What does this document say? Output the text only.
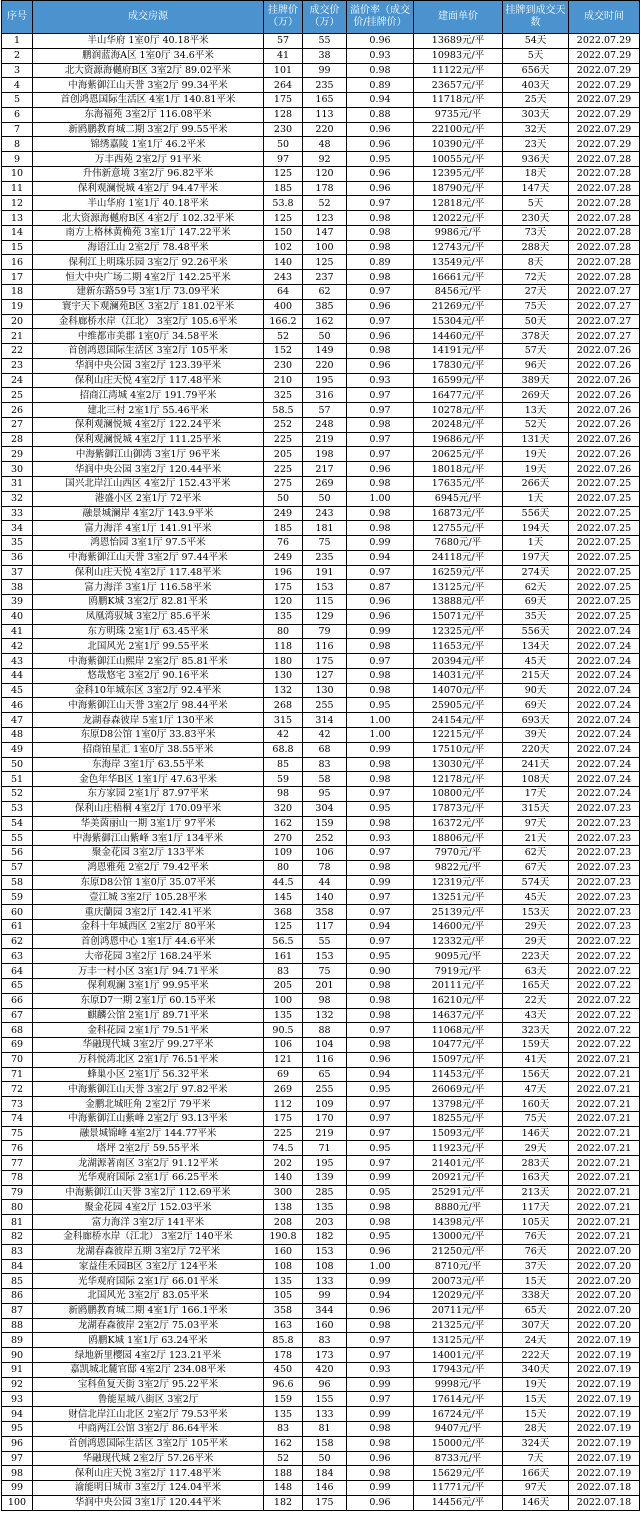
序号	成交房源	挂牌价（万）	成交价（万）	溢价率（成交价/挂牌价）	建面单价	挂牌到成交天数	成交时间
1	半山华府 1室0厅 40.18平米	57	55	0.96	13689元/平	54天	2022.07.29
2	鹏润蓝海A区 1室0厅 34.6平米	41	38	0.93	10983元/平	5天	2022.07.29
3	北大资源海樾府B区 3室2厅 89.02平米	101	99	0.98	11122元/平	656天	2022.07.29
4	中海紫御江山天誉 3室2厅 99.34平米	264	235	0.89	23657元/平	403天	2022.07.29
5	首创鸿恩国际生活区 4室1厅 140.81平米	175	165	0.94	11718元/平	25天	2022.07.29
6	东海福苑 3室2厅 116.08平米	128	113	0.88	9735元/平	303天	2022.07.29
7	新鸥鹏教育城二期 3室2厅 99.55平米	230	220	0.96	22100元/平	32天	2022.07.29
8	锦绣嘉陵 1室1厅 46.2平米	50	48	0.96	10390元/平	23天	2022.07.29
9	万丰西苑 2室2厅 91平米	97	92	0.95	10055元/平	936天	2022.07.28
10	升伟新意境 3室2厅 96.82平米	125	120	0.96	12395元/平	18天	2022.07.28
11	保利观澜悦城 4室2厅 94.47平米	185	178	0.96	18790元/平	147天	2022.07.28
12	半山华府 1室1厅 40.18平米	53.8	52	0.97	12818元/平	5天	2022.07.28
13	北大资源海樾府B区 4室2厅 102.32平米	125	123	0.98	12022元/平	230天	2022.07.28
14	南方上格林黄桷苑 3室1厅 147.22平米	150	147	0.98	9986元/平	73天	2022.07.28
15	海语江山 2室2厅 78.48平米	102	100	0.98	12743元/平	288天	2022.07.28
16	保利江上明珠乐园 3室2厅 92.26平米	140	125	0.89	13549元/平	8天	2022.07.28
17	恒大中央广场二期 4室2厅 142.25平米	243	237	0.98	16661元/平	72天	2022.07.28
18	建新东路59号 3室1厅 73.09平米	64	62	0.97	8456元/平	27天	2022.07.27
19	寰宇天下观澜苑B区 3室2厅 181.02平米	400	385	0.96	21269元/平	75天	2022.07.27
20	金科廊桥水岸（江北） 3室2厅 105.6平米	166.2	162	0.97	15304元/平	50天	2022.07.27
21	中维都市美郡 1室0厅 34.58平米	52	50	0.96	14460元/平	378天	2022.07.27
22	首创鸿恩国际生活区 3室2厅 105平米	152	149	0.98	14191元/平	57天	2022.07.26
23	华润中央公园 3室2厅 123.39平米	230	220	0.96	17830元/平	96天	2022.07.26
24	保利山庄天悦 4室2厅 117.48平米	210	195	0.93	16599元/平	389天	2022.07.26
25	招商江湾城 4室2厅 191.79平米	325	316	0.97	16477元/平	269天	2022.07.26
26	建北三村 2室1厅 55.46平米	58.5	57	0.97	10278元/平	13天	2022.07.26
27	保利观澜悦城 4室2厅 122.24平米	252	248	0.98	20248元/平	52天	2022.07.26
28	保利观澜悦城 4室2厅 111.25平米	225	219	0.97	19686元/平	131天	2022.07.26
29	中海紫御江山御湾 3室1厅 96平米	205	198	0.97	20625元/平	19天	2022.07.26
30	华润中央公园 3室2厅 120.44平米	225	217	0.96	18018元/平	19天	2022.07.26
31	国兴北岸江山西区 4室2厅 152.43平米	275	269	0.98	17635元/平	266天	2022.07.25
32	港盛小区 2室1厅 72平米	50	50	1.00	6945元/平	1天	2022.07.25
33	融景城澜岸 4室2厅 143.9平米	249	243	0.98	16873元/平	556天	2022.07.25
34	富力海洋 4室1厅 141.91平米	185	181	0.98	12755元/平	194天	2022.07.25
35	鸿恩怡园 3室1厅 97.5平米	76	75	0.99	7680元/平	1天	2022.07.25
36	中海紫御江山天誉 3室2厅 97.44平米	249	235	0.94	24118元/平	197天	2022.07.25
37	保利山庄天悦 4室2厅 117.48平米	196	191	0.97	16259元/平	274天	2022.07.25
38	富力海洋 3室1厅 116.58平米	175	153	0.87	13125元/平	62天	2022.07.25
39	鸥鹏K城 3室2厅 82.81平米	120	115	0.96	13888元/平	69天	2022.07.25
40	凤凰湾驭城 3室2厅 85.6平米	135	129	0.96	15071元/平	35天	2022.07.25
41	东方明珠 2室1厅 63.45平米	80	79	0.99	12325元/平	556天	2022.07.24
42	北国风光 2室1厅 99.55平米	118	116	0.98	11653元/平	134天	2022.07.24
43	中海紫御江山熙岸 2室2厅 85.81平米	180	175	0.97	20394元/平	45天	2022.07.24
44	悠哉悠宅 3室2厅 90.16平米	130	127	0.98	14031元/平	215天	2022.07.24
45	金科10年城东区 3室2厅 92.4平米	132	130	0.98	14070元/平	90天	2022.07.24
46	中海紫御江山天誉 3室2厅 98.44平米	268	255	0.95	25905元/平	69天	2022.07.24
47	龙湖春森彼岸 5室1厅 130平米	315	314	1.00	24154元/平	693天	2022.07.24
48	东原D8公馆 1室0厅 33.83平米	42	42	1.00	12215元/平	39天	2022.07.24
49	招商铂星汇 1室0厅 38.55平米	68.8	68	0.99	17510元/平	220天	2022.07.24
50	东海岸 3室1厅 63.55平米	85	83	0.98	13030元/平	241天	2022.07.24
51	金色年华B区 1室1厅 47.63平米	59	58	0.98	12178元/平	108天	2022.07.24
52	东方家园 2室1厅 87.97平米	98	95	0.97	10800元/平	17天	2022.07.24
53	保利山庄梧桐 4室2厅 170.09平米	320	304	0.95	17873元/平	315天	2022.07.23
54	华美茵丽山一期 3室1厅 97平米	162	159	0.98	16372元/平	97天	2022.07.23
55	中海紫御江山紫峰 3室1厅 134平米	270	252	0.93	18806元/平	21天	2022.07.23
56	聚金花园 3室2厅 133平米	109	106	0.97	7970元/平	62天	2022.07.23
57	鸿恩雅苑 2室2厅 79.42平米	80	78	0.98	9822元/平	67天	2022.07.23
58	东原D8公馆 1室0厅 35.07平米	44.5	44	0.99	12319元/平	574天	2022.07.23
59	壹江城 3室2厅 105.28平米	145	140	0.97	13251元/平	45天	2022.07.23
60	重庆蘭园 3室2厅 142.41平米	368	358	0.97	25139元/平	153天	2022.07.23
61	金科十年城西区 2室2厅 80平米	125	117	0.94	14600元/平	29天	2022.07.23
62	首创鸿恩中心 1室1厅 44.6平米	56.5	55	0.97	12332元/平	29天	2022.07.22
63	大帝花园 3室2厅 168.24平米	161	153	0.95	9095元/平	223天	2022.07.22
64	万丰一村小区 3室1厅 94.71平米	83	75	0.90	7919元/平	63天	2022.07.22
65	保利观澜 3室1厅 99.95平米	205	201	0.98	20111元/平	165天	2022.07.22
66	东原D7一期 2室1厅 60.15平米	100	98	0.98	16210元/平	22天	2022.07.22
67	麒麟公馆 2室1厅 89.71平米	135	132	0.98	14637元/平	43天	2022.07.22
68	金科花园 2室1厅 79.51平米	90.5	88	0.97	11068元/平	323天	2022.07.22
69	华融现代城 3室2厅 99.27平米	106	104	0.98	10477元/平	159天	2022.07.22
70	万科悦湾北区 2室1厅 76.51平米	121	116	0.96	15097元/平	41天	2022.07.21
71	蜂巢小区 2室1厅 56.32平米	69	65	0.94	11453元/平	156天	2022.07.21
72	中海紫御江山天誉 3室2厅 97.82平米	269	255	0.95	26069元/平	47天	2022.07.21
73	金鹏北城旺角 2室2厅 79平米	112	109	0.97	13798元/平	160天	2022.07.21
74	中海紫御江山紫峰 2室2厅 93.13平米	175	170	0.97	18255元/平	75天	2022.07.21
75	融景城锦峰 4室2厅 144.77平米	225	219	0.97	15093元/平	146天	2022.07.21
76	塔坪 2室2厅 59.55平米	74.5	71	0.95	11923元/平	29天	2022.07.21
77	龙湖源著南区 3室2厅 91.12平米	202	195	0.97	21401元/平	283天	2022.07.21
78	光华观府国际 2室1厅 66.25平米	140	139	0.99	20921元/平	163天	2022.07.21
79	中海紫御江山天誉 3室2厅 112.69平米	300	285	0.95	25291元/平	213天	2022.07.21
80	聚金花园 4室2厅 152.03平米	138	135	0.98	8880元/平	117天	2022.07.21
81	富力海洋 3室2厅 141平米	208	203	0.98	14398元/平	105天	2022.07.21
82	金科廊桥水岸（江北） 3室2厅 140平米	190.8	182	0.95	13000元/平	76天	2022.07.21
83	龙湖春森彼岸五期 3室2厅 72平米	160	153	0.96	21250元/平	76天	2022.07.20
84	家益佳禾园B区 3室2厅 124平米	108	108	1.00	8710元/平	37天	2022.07.20
85	光华观府国际 2室1厅 66.01平米	135	133	0.99	20073元/平	15天	2022.07.20
86	北国风光 3室2厅 83.05平米	105	99	0.94	12029元/平	338天	2022.07.20
87	新鸥鹏教育城二期 4室1厅 166.1平米	358	344	0.96	20711元/平	65天	2022.07.20
88	龙湖春森彼岸 2室2厅 75.03平米	163	160	0.98	21325元/平	307天	2022.07.20
89	鸥鹏K城 1室1厅 63.24平米	85.8	83	0.97	13125元/平	24天	2022.07.19
90	绿地新里樱园 4室2厅 123.21平米	178	173	0.97	14001元/平	222天	2022.07.19
91	嘉凯城北麓官邸 4室2厅 234.08平米	450	420	0.93	17943元/平	340天	2022.07.19
92	宝科鱼复天街 3室2厅 95.22平米	96.6	96	0.99	9998元/平	19天	2022.07.19
93	鲁能星城八街区 3室2厅	159	155	0.97	17614元/平	15天	2022.07.19
94	财信北岸江山北区 2室2厅 79.53平米	135	133	0.99	16724元/平	15天	2022.07.19
95	中商两江公馆 3室2厅 86.64平米	83	81	0.98	9407元/平	28天	2022.07.19
96	首创鸿恩国际生活区 3室2厅 105平米	162	158	0.98	15000元/平	324天	2022.07.19
97	华融现代城 2室2厅 57.26平米	52	50	0.96	8733元/平	7天	2022.07.19
98	保利山庄天悦 3室2厅 117.48平米	188	184	0.98	15629元/平	166天	2022.07.19
99	渝能明日城市 3室2厅 124.04平米	148	146	0.99	11771元/平	97天	2022.07.18
100	华润中央公园 3室1厅 120.44平米	182	175	0.96	14456元/平	146天	2022.07.18
